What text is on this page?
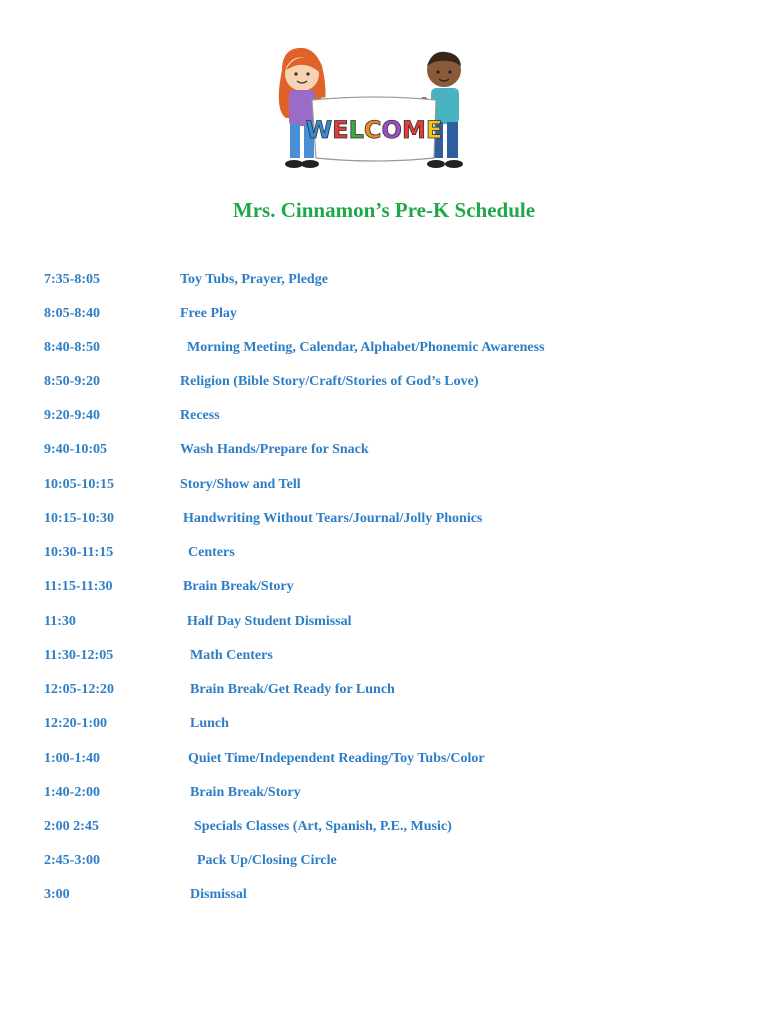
WELCOME
Mrs. Cinnamon’s Pre-K Schedule
7:35-8:05	Toy Tubs, Prayer, Pledge
8:05-8:40	Free Play
8:40-8:50	Morning Meeting, Calendar, Alphabet/Phonemic Awareness
8:50-9:20	Religion (Bible Story/Craft/Stories of God’s Love)
9:20-9:40	Recess
9:40-10:05	Wash Hands/Prepare for Snack
10:05-10:15	Story/Show and Tell
10:15-10:30	Handwriting Without Tears/Journal/Jolly Phonics
10:30-11:15	Centers
11:15-11:30	Brain Break/Story
11:30	Half Day Student Dismissal
11:30-12:05	Math Centers
12:05-12:20	Brain Break/Get Ready for Lunch
12:20-1:00	Lunch
1:00-1:40	Quiet Time/Independent Reading/Toy Tubs/Color
1:40-2:00	Brain Break/Story
2:00 2:45	Specials Classes (Art, Spanish, P.E., Music)
2:45-3:00	Pack Up/Closing Circle
3:00	Dismissal
